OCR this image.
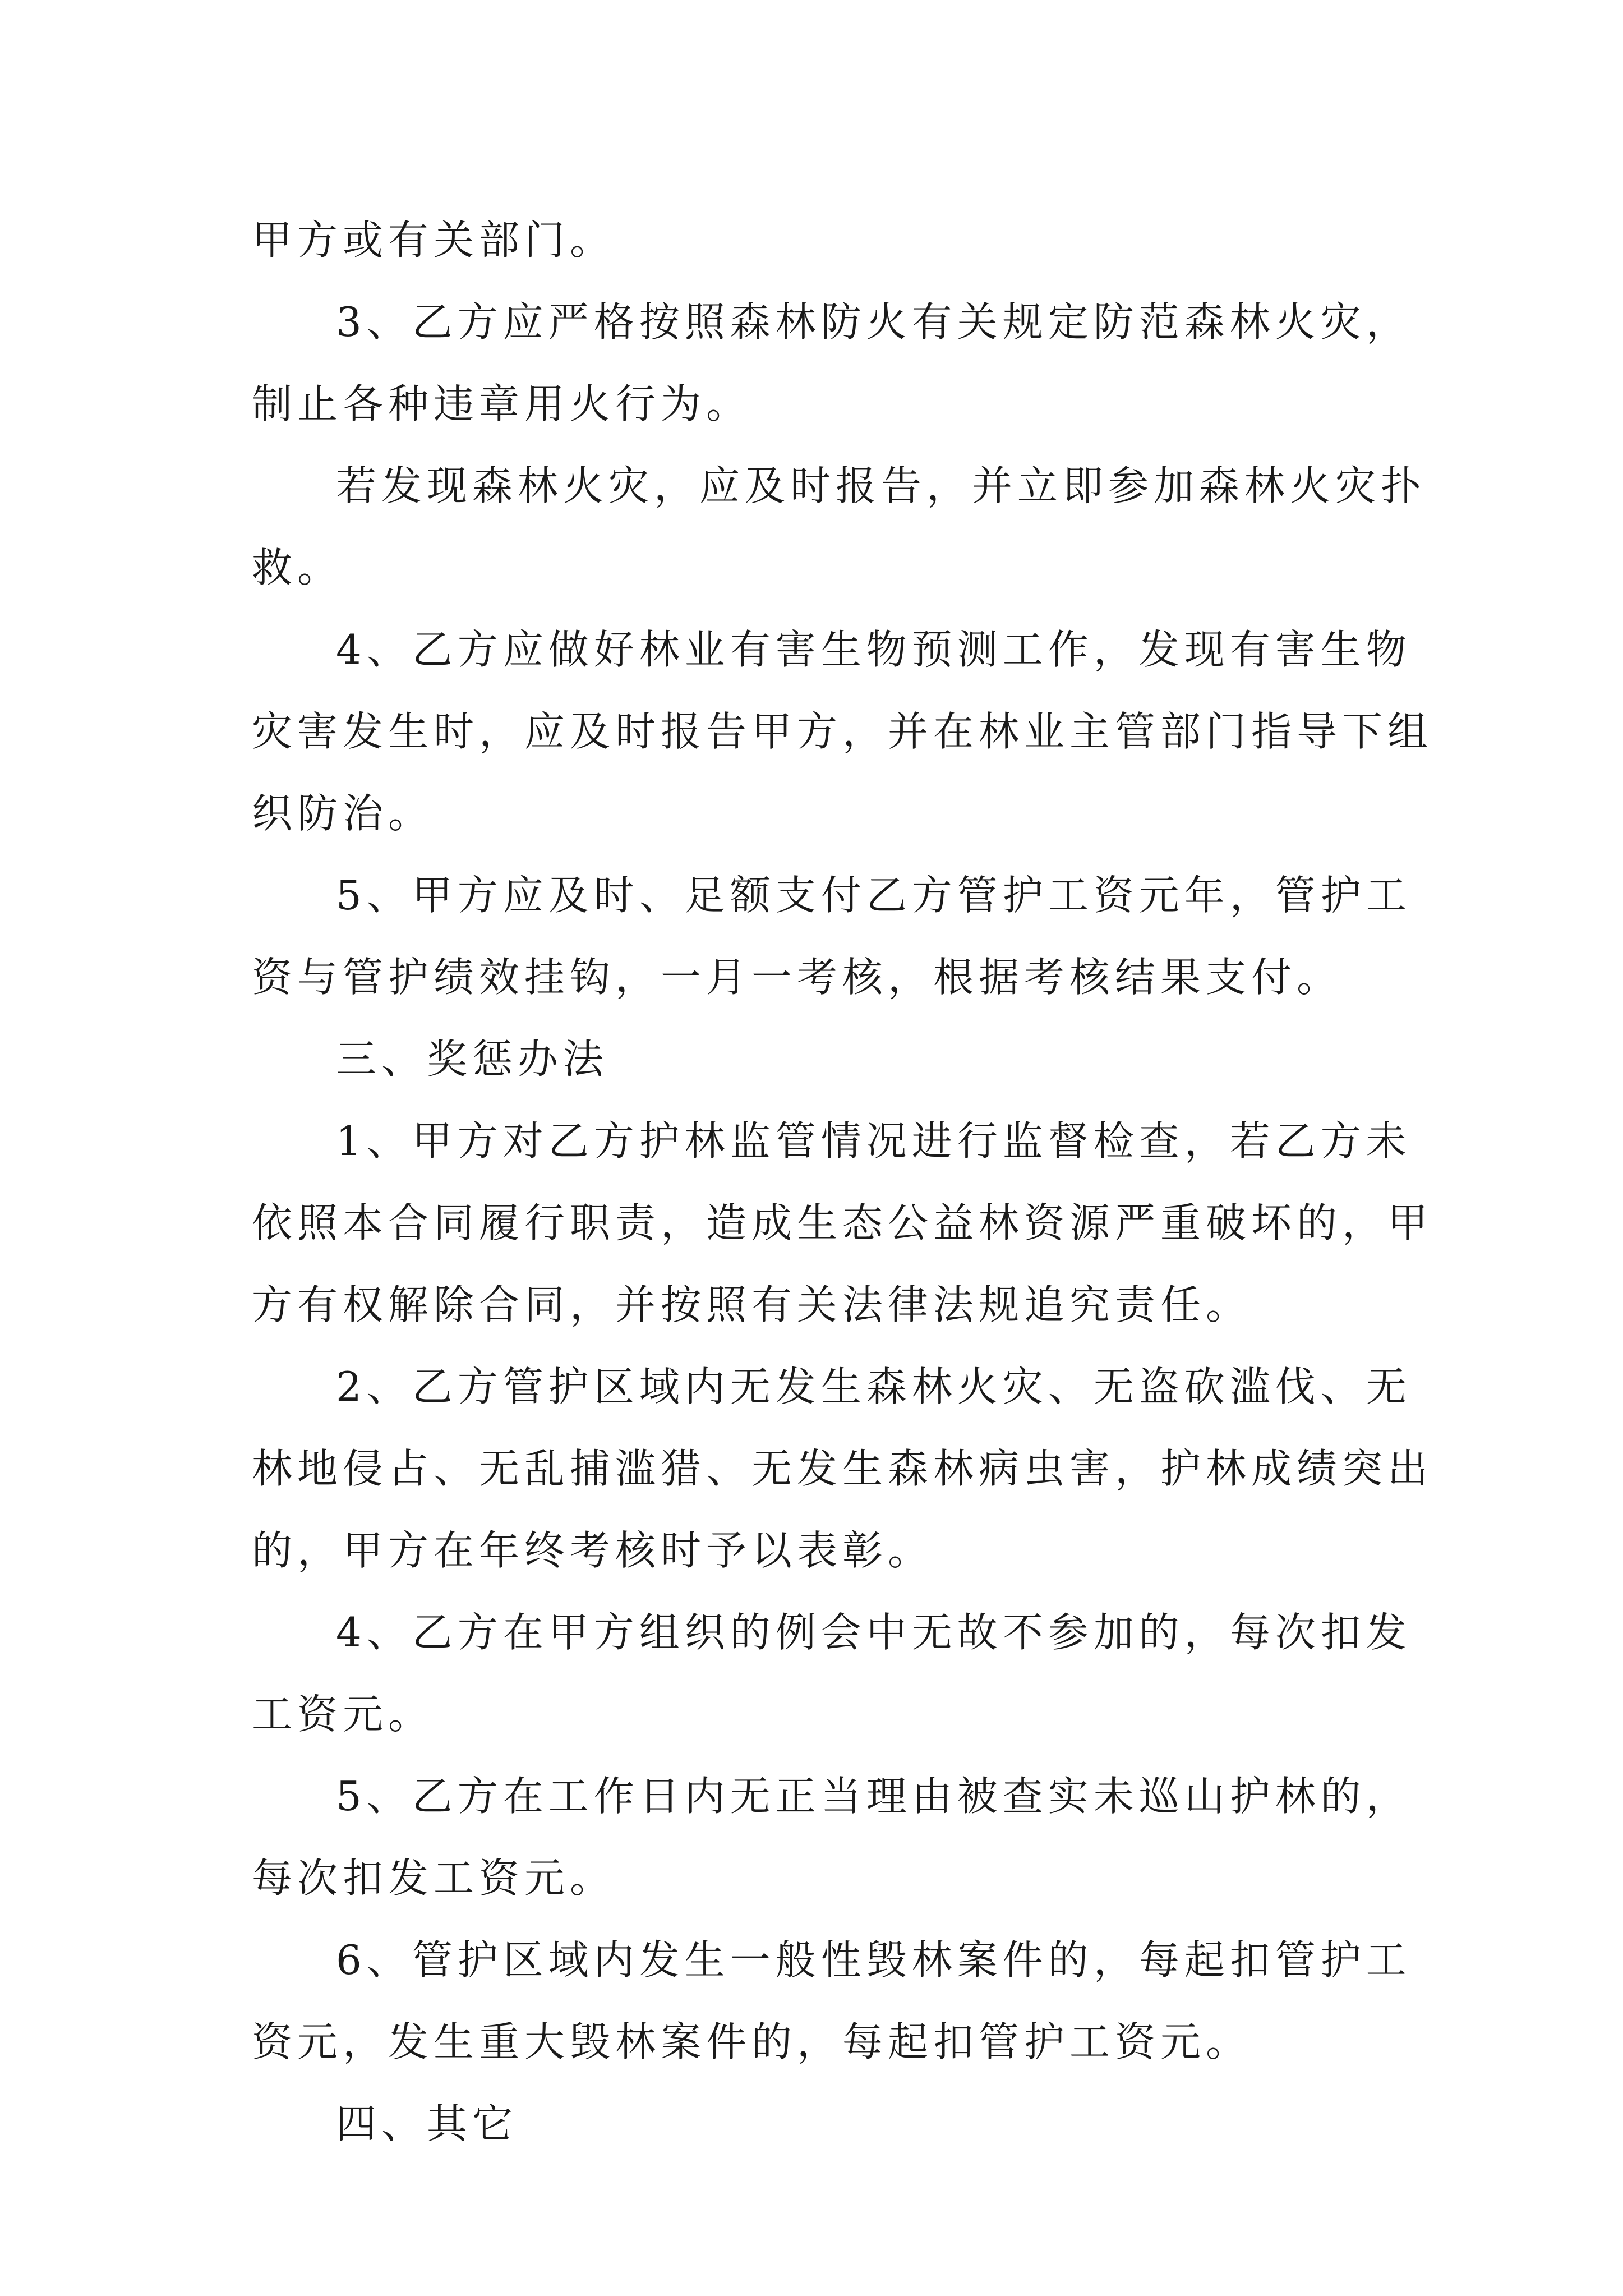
甲方或有关部门。
3、乙方应严格按照森林防火有关规定防范森林火灾，
制止各种违章用火行为。
若发现森林火灾，应及时报告，并立即参加森林火灾扑
救。
4、乙方应做好林业有害生物预测工作，发现有害生物
灾害发生时，应及时报告甲方，并在林业主管部门指导下组
织防治。
5、甲方应及时、足额支付乙方管护工资元年，管护工
资与管护绩效挂钩，一月一考核，根据考核结果支付。
三、奖惩办法
1、甲方对乙方护林监管情况进行监督检查，若乙方未
依照本合同履行职责，造成生态公益林资源严重破坏的，甲
方有权解除合同，并按照有关法律法规追究责任。
2、乙方管护区域内无发生森林火灾、无盗砍滥伐、无
林地侵占、无乱捕滥猎、无发生森林病虫害，护林成绩突出
的，甲方在年终考核时予以表彰。
4、乙方在甲方组织的例会中无故不参加的，每次扣发
工资元。
5、乙方在工作日内无正当理由被查实未巡山护林的，
每次扣发工资元。
6、管护区域内发生一般性毁林案件的，每起扣管护工
资元，发生重大毁林案件的，每起扣管护工资元。
四、其它
